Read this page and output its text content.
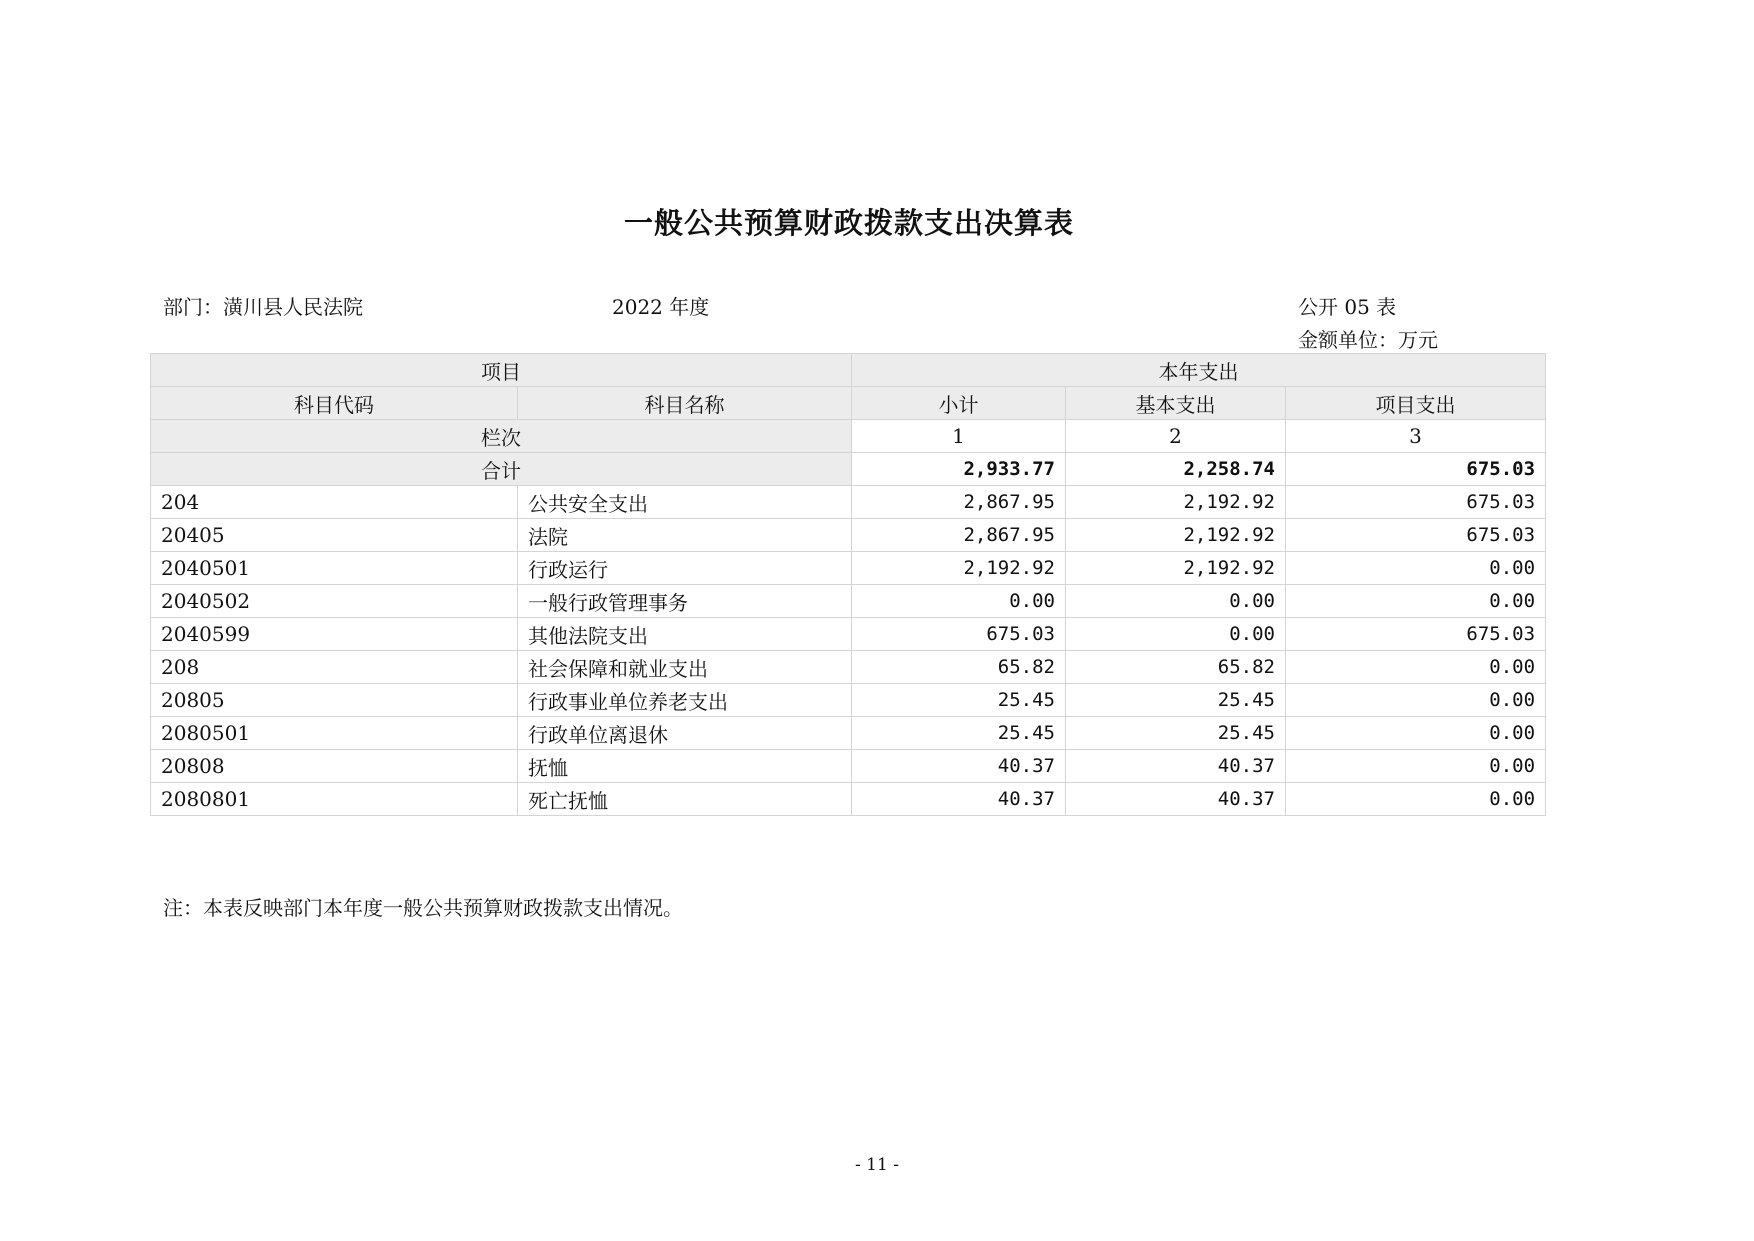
一般公共预算财政拨款支出决算表
部门：潢川县人民法院	2022 年度	公开 05 表
金额单位：万元
项目		本年支出		
科目代码	科目名称	小计	基本支出	项目支出
栏次		1	2	3
合计		2,933.77	2,258.74	675.03
204	公共安全支出	2,867.95	2,192.92	675.03
20405	法院	2,867.95	2,192.92	675.03
2040501	行政运行	2,192.92	2,192.92	0.00
2040502	一般行政管理事务	0.00	0.00	0.00
2040599	其他法院支出	675.03	0.00	675.03
208	社会保障和就业支出	65.82	65.82	0.00
20805	行政事业单位养老支出	25.45	25.45	0.00
2080501	行政单位离退休	25.45	25.45	0.00
20808	抚恤	40.37	40.37	0.00
2080801	死亡抚恤	40.37	40.37	0.00
注：本表反映部门本年度一般公共预算财政拨款支出情况。
- 11 -
